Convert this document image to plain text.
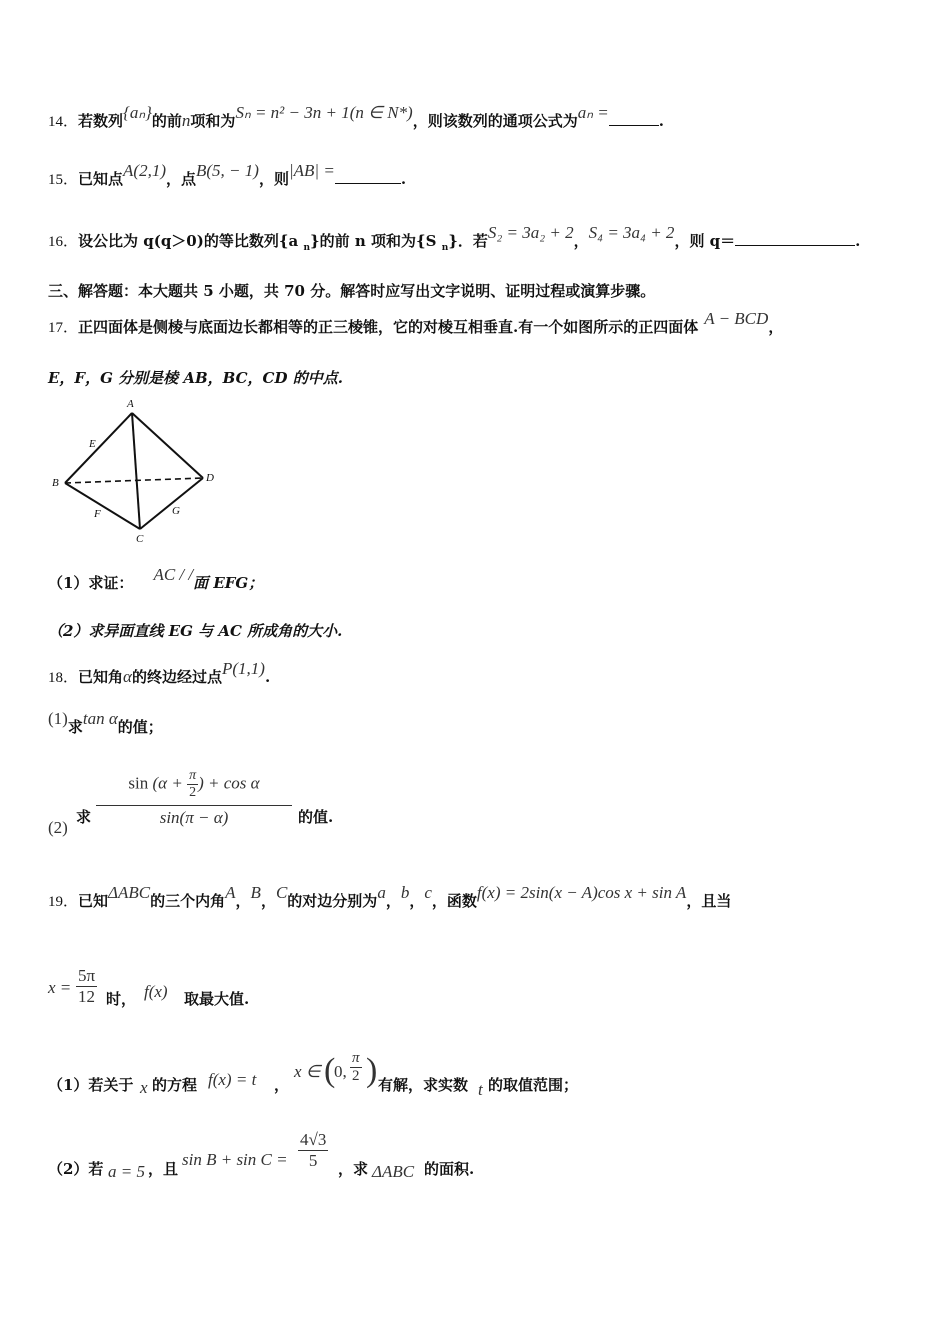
14．若数列{aₙ}的前n项和为Sₙ = n² − 3n + 1(n ∈ N*)，则该数列的通项公式为aₙ =	.
15．已知点A(2,1)，点B(5, − 1)，则|AB| =	.
16．设公比为 q(q＞0)的等比数列{a $_n$}的前 n 项和为{S $_n$}．若S₂ = 3a₂ + 2，S₄ = 3a₄ + 2，则 q＝	.
三、解答题：本大题共 5 小题，共 70 分。解答时应写出文字说明、证明过程或演算步骤。
17．正四面体是侧棱与底面边长都相等的正三棱锥，它的对棱互相垂直.有一个如图所示的正四面体 A − BCD，
E，F，G 分别是棱 AB，BC，CD 的中点.
A
B
C
D
E
F	G
（1）求证： AC / /面 EFG；
（2）求异面直线 EG 与 AC 所成角的大小.
18．已知角α的终边经过点P(1,1).
(1)求tan α的值；
(2)
求 $\frac{\sin (\alpha + \frac{\pi}{2} ) + \cos \alpha}{\sin(\pi - \alpha)}$ 的值.
19．已知ΔABC的三个内角A，B，C的对边分别为a，b，c，函数f(x) = 2sin(x − A)cos x + sin A，且当
$x = \frac{5\pi}{12}$ 时， f(x) 取最大值.
（1）若关于 x 的方程 f(x) = t ，
x ∈ (
0, $\frac{\pi}{2}$ ) 有解，求实数 t 的取值范围；
（2）若 a = 5 ，且 $\sin B + \sin C = \frac{4√3}{5}$ ，求 ΔABC 的面积.
